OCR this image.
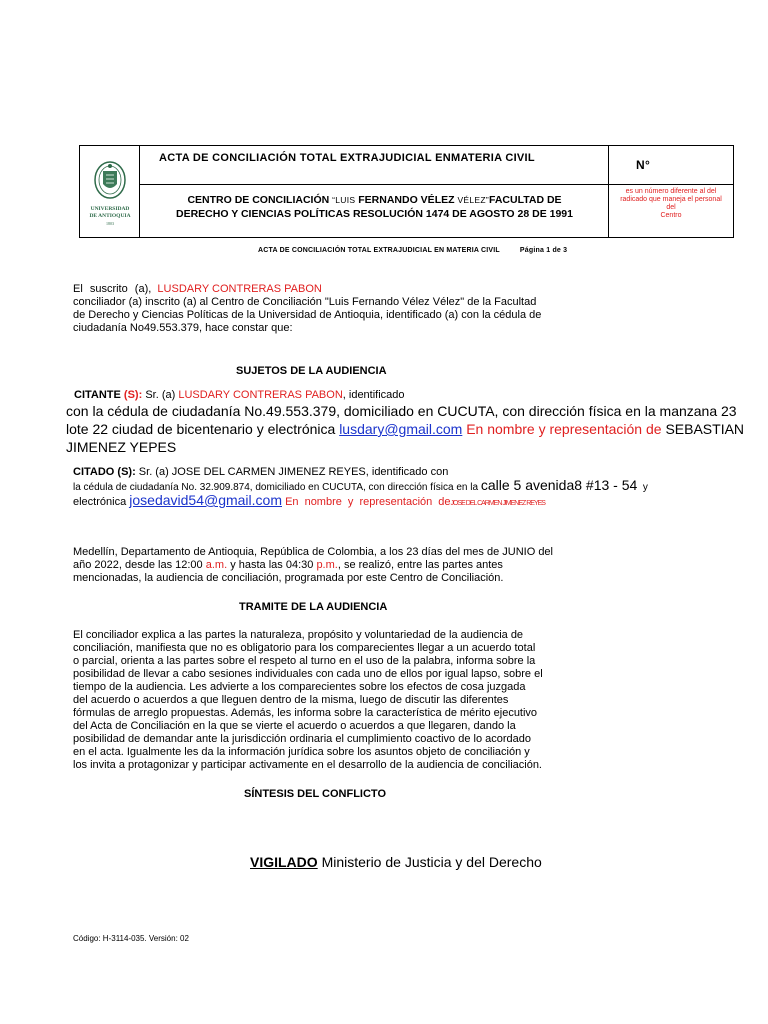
UNIVERSIDAD
DE ANTIOQUIA
1803
ACTA DE CONCILIACIÓN TOTAL EXTRAJUDICIAL ENMATERIA CIVIL	N°
CENTRO DE CONCILIACIÓN “LUIS FERNANDO VÉLEZ VÉLEZ”FACULTAD DE
DERECHO Y CIENCIAS POLÍTICAS RESOLUCIÓN 1474 DE AGOSTO 28 DE 1991
es un número diferente al del
radicado que maneja el personal
del
Centro
ACTA DE CONCILIACIÓN TOTAL EXTRAJUDICIAL EN MATERIA CIVIL	Página 1 de 3
El suscrito (a), LUSDARY CONTRERAS PABON
conciliador (a) inscrito (a) al Centro de Conciliación "Luis Fernando Vélez Vélez" de la Facultad
de Derecho y Ciencias Políticas de la Universidad de Antioquia, identificado (a) con la cédula de
ciudadanía No49.553.379, hace constar que:
SUJETOS DE LA AUDIENCIA
CITANTE (S): Sr. (a) LUSDARY CONTRERAS PABON, identificado
con la cédula de ciudadanía No.49.553.379, domiciliado en CUCUTA, con dirección física en la manzana 23
lote 22 ciudad de bicentenario y electrónica lusdary@gmail.com En nombre y representación de SEBASTIAN
JIMENEZ YEPES
CITADO (S): Sr. (a) JOSE DEL CARMEN JIMENEZ REYES, identificado con
la cédula de ciudadanía No. 32.909.874, domiciliado en CUCUTA, con dirección física en la calle 5 avenida8 #13 - 54 y
electrónica josedavid54@gmail.com En nombre y representación deJOSE DEL CARMEN JIMENEZ REYES
Medellín, Departamento de Antioquia, República de Colombia, a los 23 días del mes de JUNIO del
año 2022, desde las 12:00 a.m. y hasta las 04:30 p.m., se realizó, entre las partes antes
mencionadas, la audiencia de conciliación, programada por este Centro de Conciliación.
TRAMITE DE LA AUDIENCIA
El conciliador explica a las partes la naturaleza, propósito y voluntariedad de la audiencia de
conciliación, manifiesta que no es obligatorio para los comparecientes llegar a un acuerdo total
o parcial, orienta a las partes sobre el respeto al turno en el uso de la palabra, informa sobre la
posibilidad de llevar a cabo sesiones individuales con cada uno de ellos por igual lapso, sobre el
tiempo de la audiencia. Les advierte a los comparecientes sobre los efectos de cosa juzgada
del acuerdo o acuerdos a que lleguen dentro de la misma, luego de discutir las diferentes
fórmulas de arreglo propuestas. Además, les informa sobre la característica de mérito ejecutivo
del Acta de Conciliación en la que se vierte el acuerdo o acuerdos a que llegaren, dando la
posibilidad de demandar ante la jurisdicción ordinaria el cumplimiento coactivo de lo acordado
en el acta. Igualmente les da la información jurídica sobre los asuntos objeto de conciliación y
los invita a protagonizar y participar activamente en el desarrollo de la audiencia de conciliación.
SÍNTESIS DEL CONFLICTO
VIGILADO Ministerio de Justicia y del Derecho
Código: H-3114-035. Versión: 02
